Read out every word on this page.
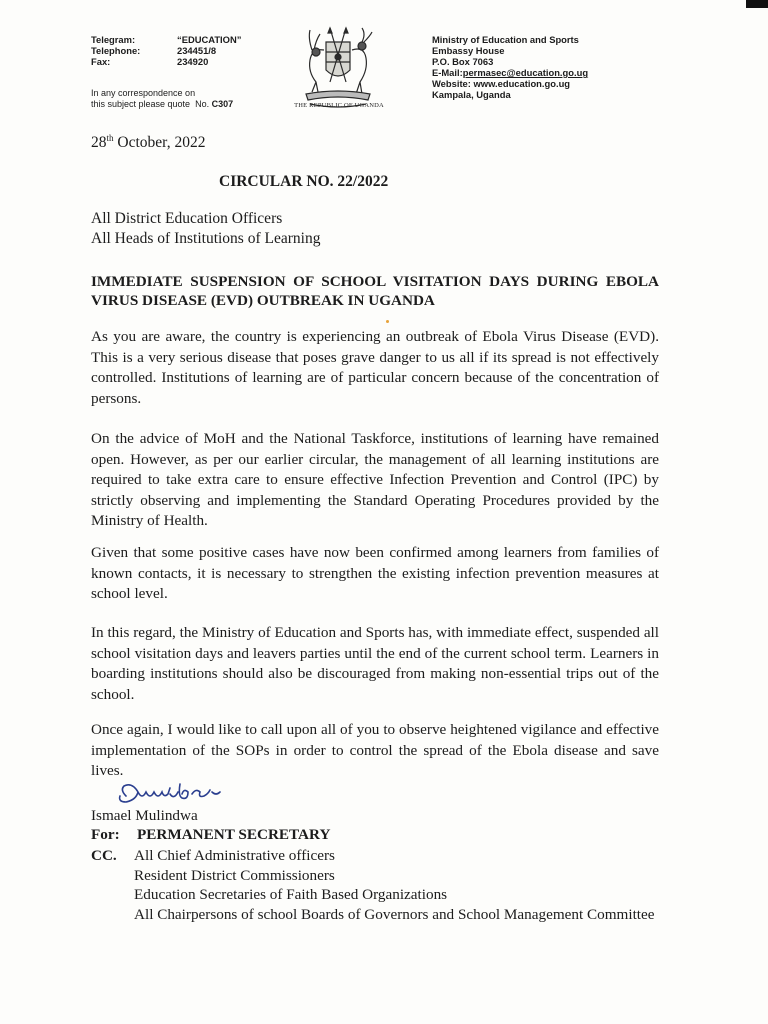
Telegram:	“EDUCATION”
Telephone:	234451/8
Fax:	234920
In any correspondence on
this subject please quote No. C307	THE REPUBLIC OF UGANDA
Ministry of Education and Sports
Embassy House
P.O. Box 7063
E-Mail:permasec@education.go.ug
Website: www.education.go.ug
Kampala, Uganda
28th October, 2022
CIRCULAR NO. 22/2022
All District Education Officers
All Heads of Institutions of Learning
IMMEDIATE SUSPENSION OF SCHOOL VISITATION DAYS DURING EBOLA VIRUS DISEASE (EVD) OUTBREAK IN UGANDA
As you are aware, the country is experiencing an outbreak of Ebola Virus Disease (EVD). This is a very serious disease that poses grave danger to us all if its spread is not effectively controlled. Institutions of learning are of particular concern because of the concentration of persons.
On the advice of MoH and the National Taskforce, institutions of learning have remained open. However, as per our earlier circular, the management of all learning institutions are required to take extra care to ensure effective Infection Prevention and Control (IPC) by strictly observing and implementing the Standard Operating Procedures provided by the Ministry of Health.
Given that some positive cases have now been confirmed among learners from families of known contacts, it is necessary to strengthen the existing infection prevention measures at school level.
In this regard, the Ministry of Education and Sports has, with immediate effect, suspended all school visitation days and leavers parties until the end of the current school term. Learners in boarding institutions should also be discouraged from making non-essential trips out of the school.
Once again, I would like to call upon all of you to observe heightened vigilance and effective implementation of the SOPs in order to control the spread of the Ebola disease and save lives.
Ismael Mulindwa
For: PERMANENT SECRETARY
CC. All Chief Administrative officers
Resident District Commissioners
Education Secretaries of Faith Based Organizations
All Chairpersons of school Boards of Governors and School Management Committee
